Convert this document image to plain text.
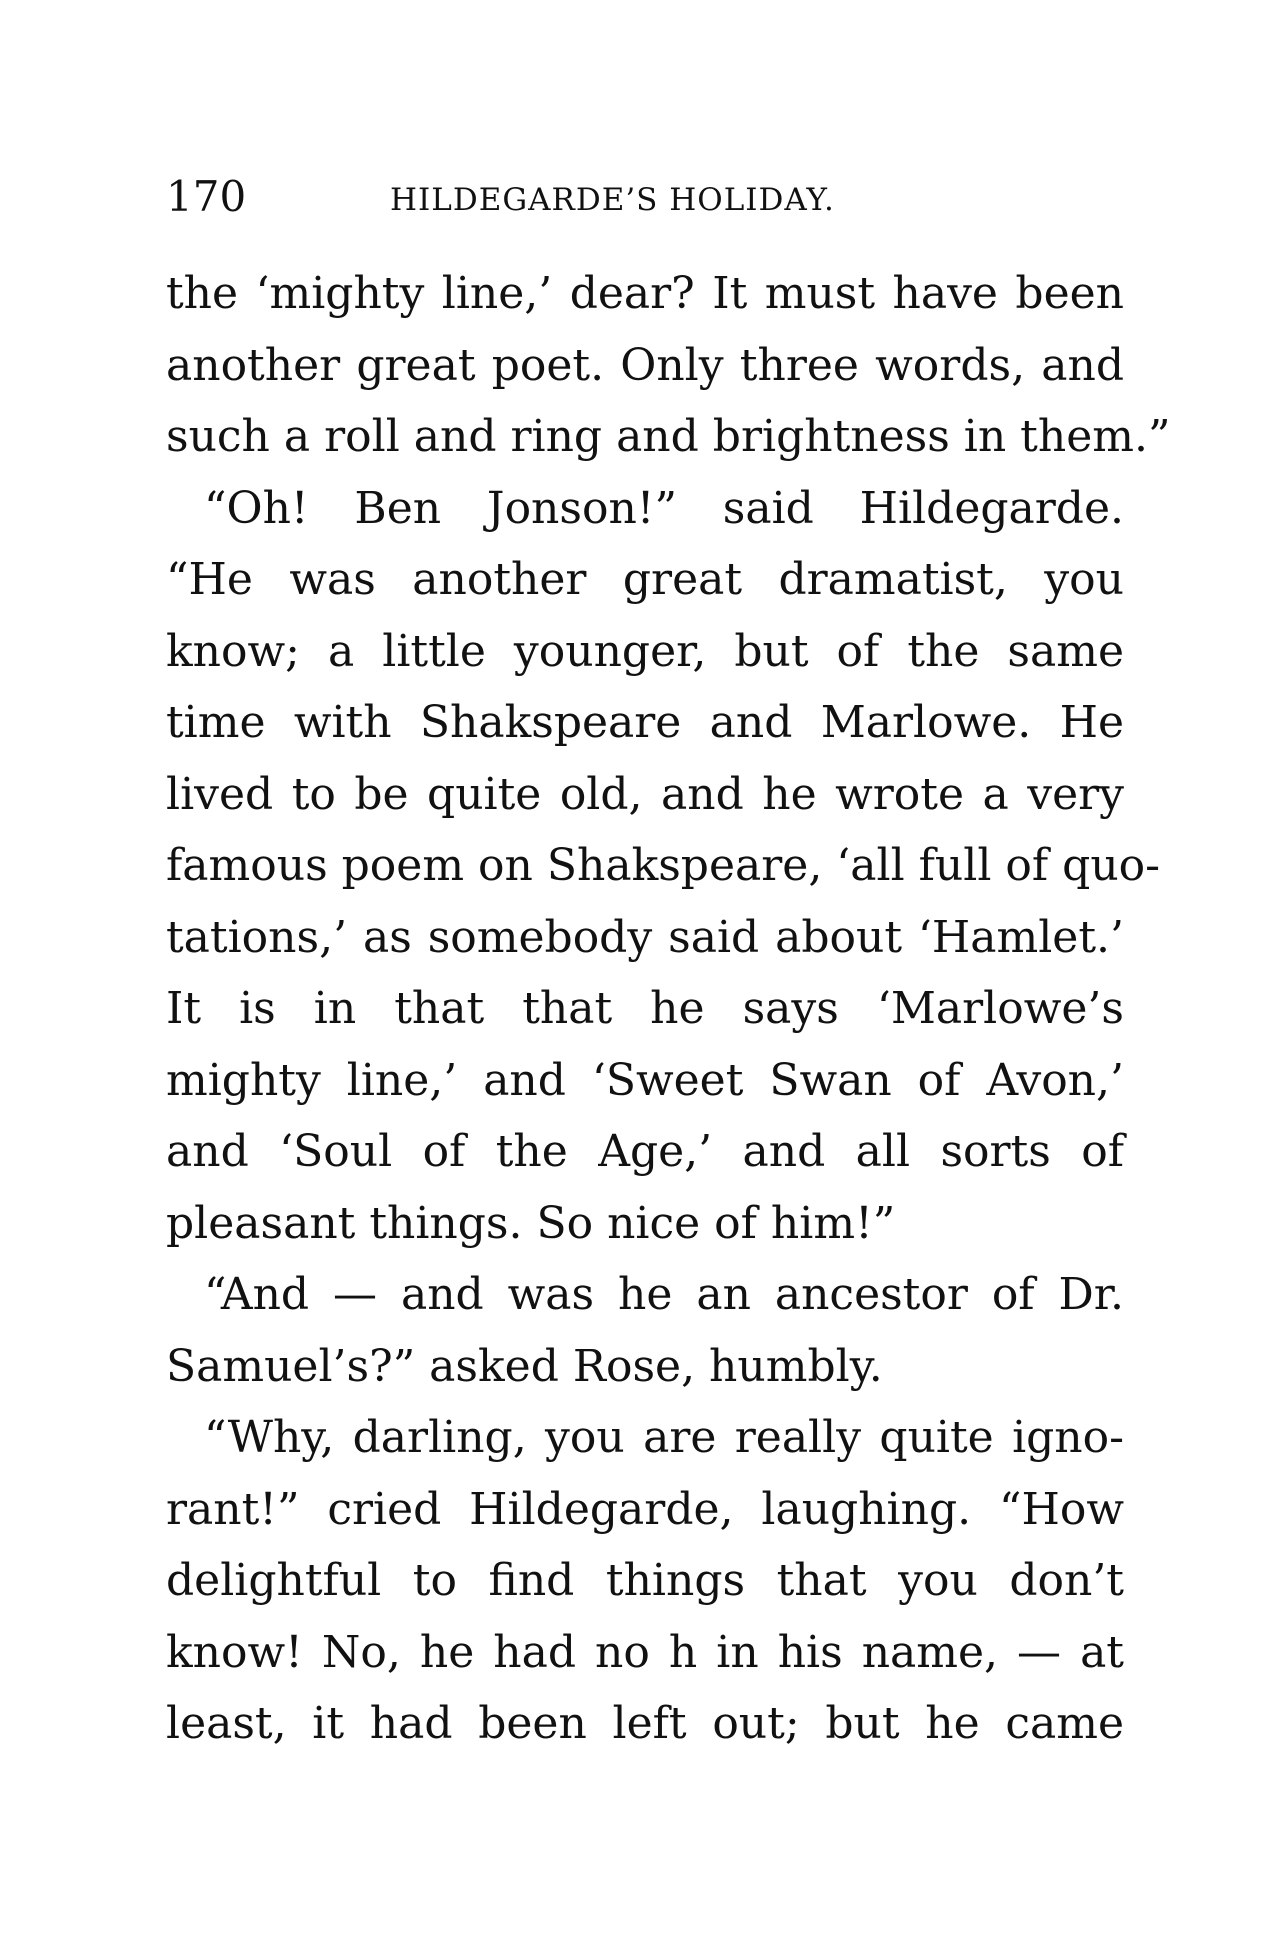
170	HILDEGARDE’S HOLIDAY.
the ‘mighty line,’ dear? It must have been
another great poet. Only three words, and
such a roll and ring and brightness in them.”
“Oh! Ben Jonson!” said Hildegarde.
“He was another great dramatist, you
know; a little younger, but of the same
time with Shakspeare and Marlowe. He
lived to be quite old, and he wrote a very
famous poem on Shakspeare, ‘all full of quo-
tations,’ as somebody said about ‘Hamlet.’
It is in that that he says ‘Marlowe’s
mighty line,’ and ‘Sweet Swan of Avon,’
and ‘Soul of the Age,’ and all sorts of
pleasant things. So nice of him!”
“And — and was he an ancestor of Dr.
Samuel’s?” asked Rose, humbly.
“Why, darling, you are really quite igno-
rant!” cried Hildegarde, laughing. “How
delightful to find things that you don’t
know! No, he had no h in his name, — at
least, it had been left out; but he came
